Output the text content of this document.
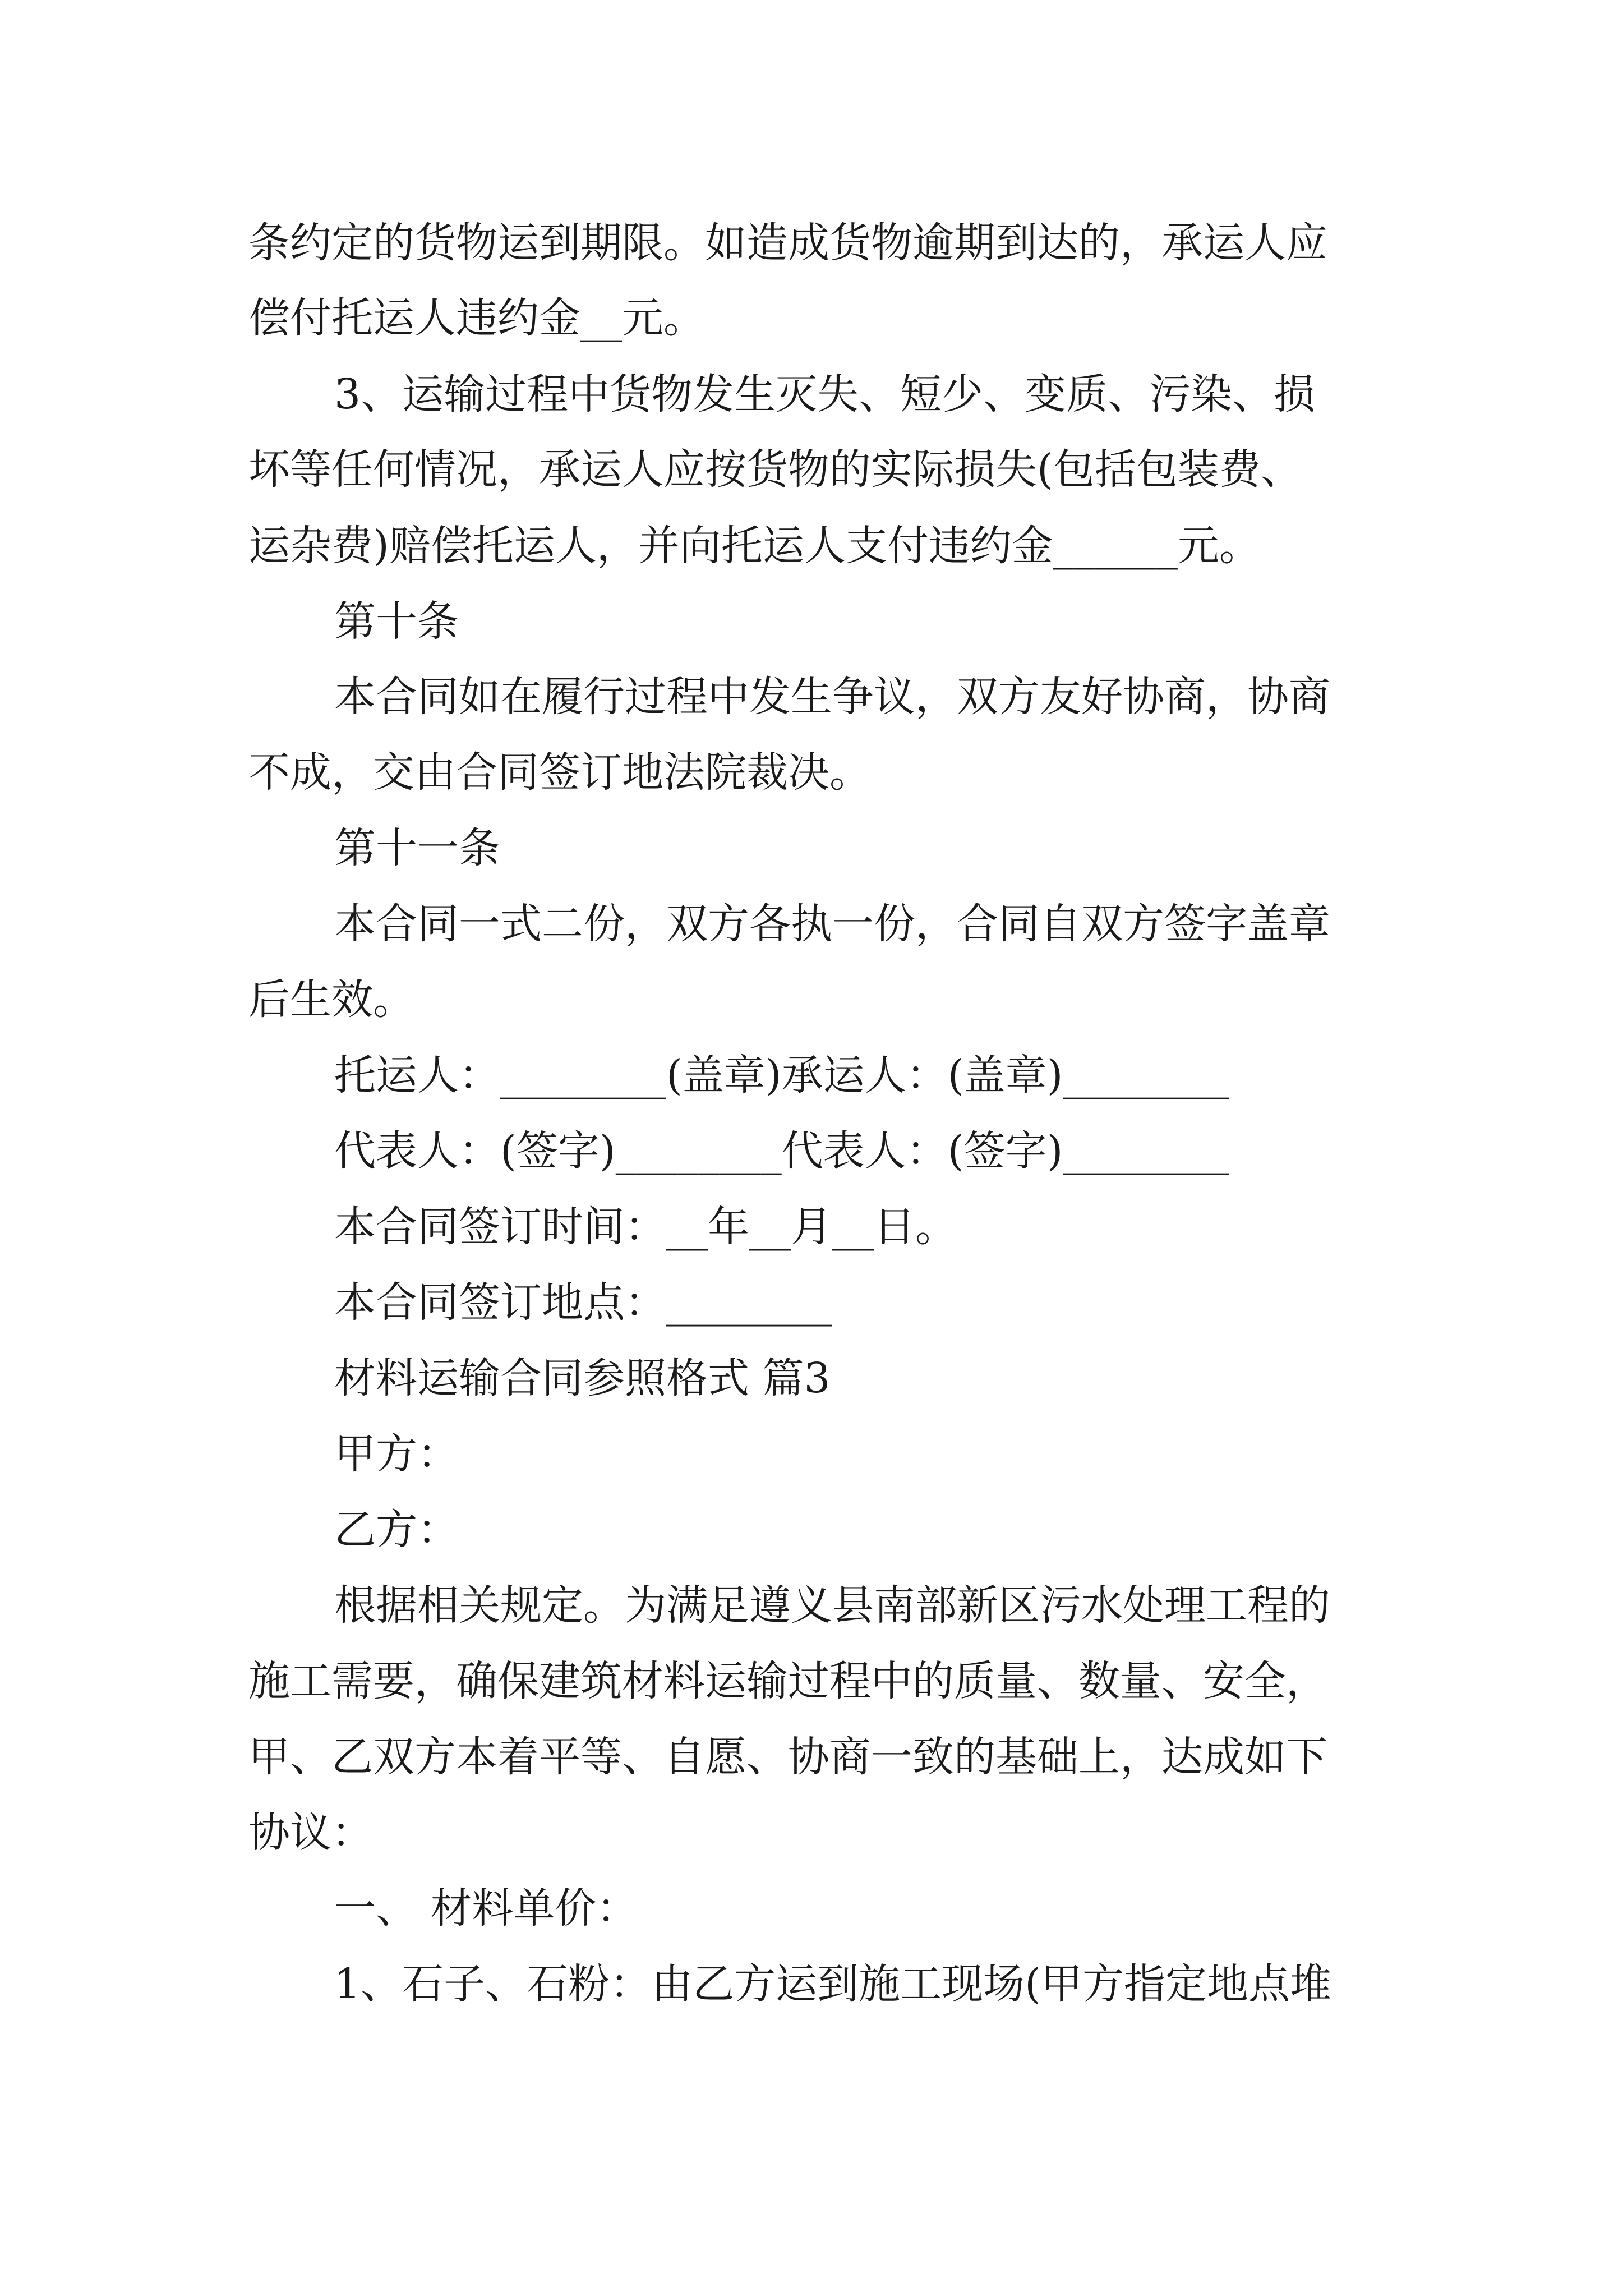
条约定的货物运到期限。如造成货物逾期到达的，承运人应
偿付托运人违约金__元。
3、运输过程中货物发生灭失、短少、变质、污染、损
坏等任何情况，承运人应按货物的实际损失(包括包装费、
运杂费)赔偿托运人，并向托运人支付违约金______元。
第十条
本合同如在履行过程中发生争议，双方友好协商，协商
不成，交由合同签订地法院裁决。
第十一条
本合同一式二份，双方各执一份，合同自双方签字盖章
后生效。
托运人：________(盖章)承运人：(盖章)________
代表人：(签字)________代表人：(签字)________
本合同签订时间：__年__月__日。
本合同签订地点：________
材料运输合同参照格式 篇3
甲方：
乙方：
根据相关规定。为满足遵义县南部新区污水处理工程的
施工需要，确保建筑材料运输过程中的质量、数量、安全，
甲、乙双方本着平等、自愿、协商一致的基础上，达成如下
协议：
一、 材料单价：
1、石子、石粉：由乙方运到施工现场(甲方指定地点堆
